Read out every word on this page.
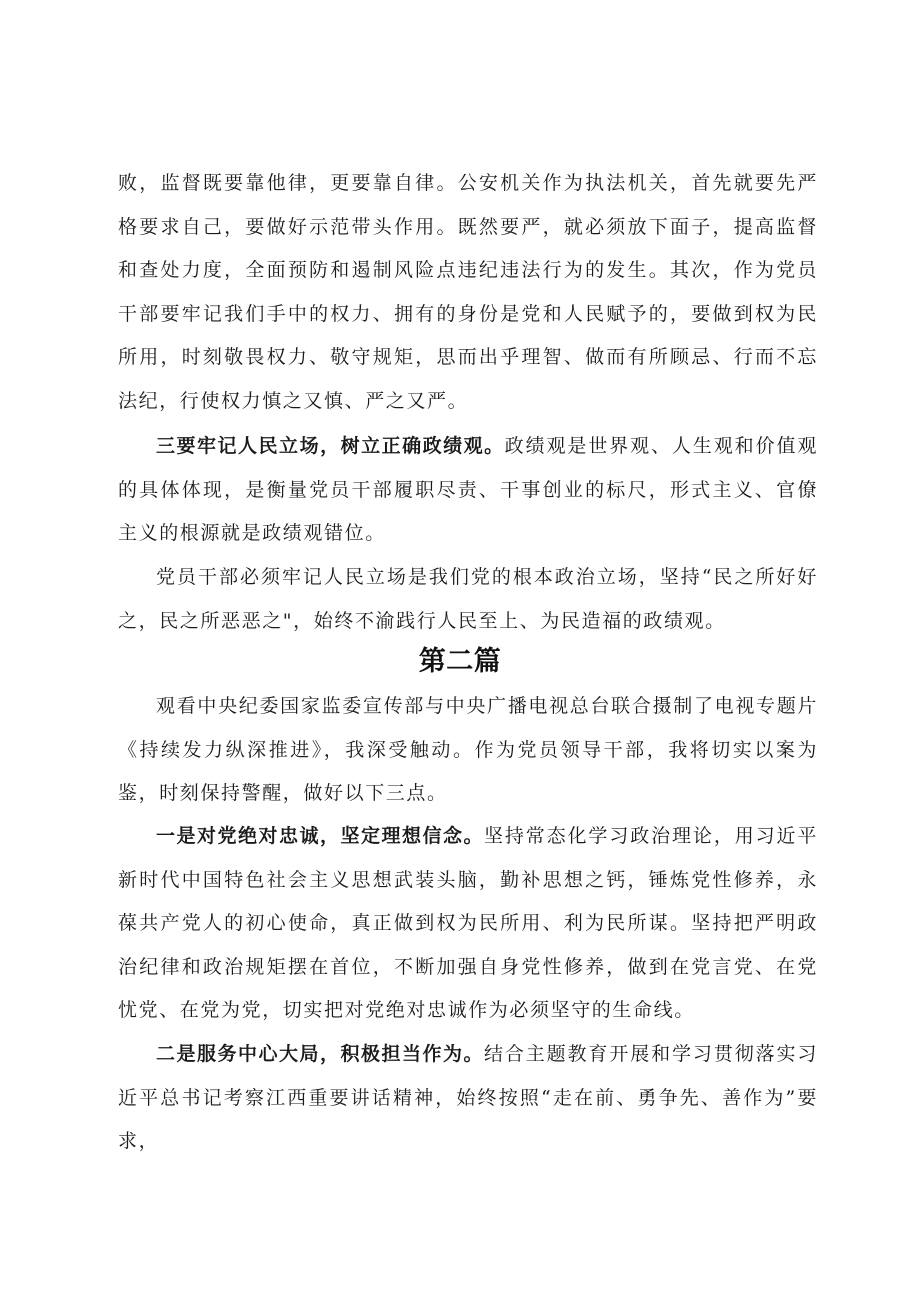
败，监督既要靠他律，更要靠自律。公安机关作为执法机关，首先就要先严格要求自己，要做好示范带头作用。既然要严，就必须放下面子，提高监督和查处力度，全面预防和遏制风险点违纪违法行为的发生。其次，作为党员干部要牢记我们手中的权力、拥有的身份是党和人民赋予的，要做到权为民所用，时刻敬畏权力、敬守规矩，思而出乎理智、做而有所顾忌、行而不忘法纪，行使权力慎之又慎、严之又严。

三要牢记人民立场，树立正确政绩观。政绩观是世界观、人生观和价值观的具体体现，是衡量党员干部履职尽责、干事创业的标尺，形式主义、官僚主义的根源就是政绩观错位。

党员干部必须牢记人民立场是我们党的根本政治立场，坚持“民之所好好之，民之所恶恶之"，始终不渝践行人民至上、为民造福的政绩观。

第二篇

观看中央纪委国家监委宣传部与中央广播电视总台联合摄制了电视专题片《持续发力纵深推进》，我深受触动。作为党员领导干部，我将切实以案为鉴，时刻保持警醒，做好以下三点。

一是对党绝对忠诚，坚定理想信念。坚持常态化学习政治理论，用习近平新时代中国特色社会主义思想武装头脑，勤补思想之钙，锤炼党性修养，永葆共产党人的初心使命，真正做到权为民所用、利为民所谋。坚持把严明政治纪律和政治规矩摆在首位，不断加强自身党性修养，做到在党言党、在党忧党、在党为党，切实把对党绝对忠诚作为必须坚守的生命线。

二是服务中心大局，积极担当作为。结合主题教育开展和学习贯彻落实习近平总书记考察江西重要讲话精神，始终按照“走在前、勇争先、善作为”要求，
